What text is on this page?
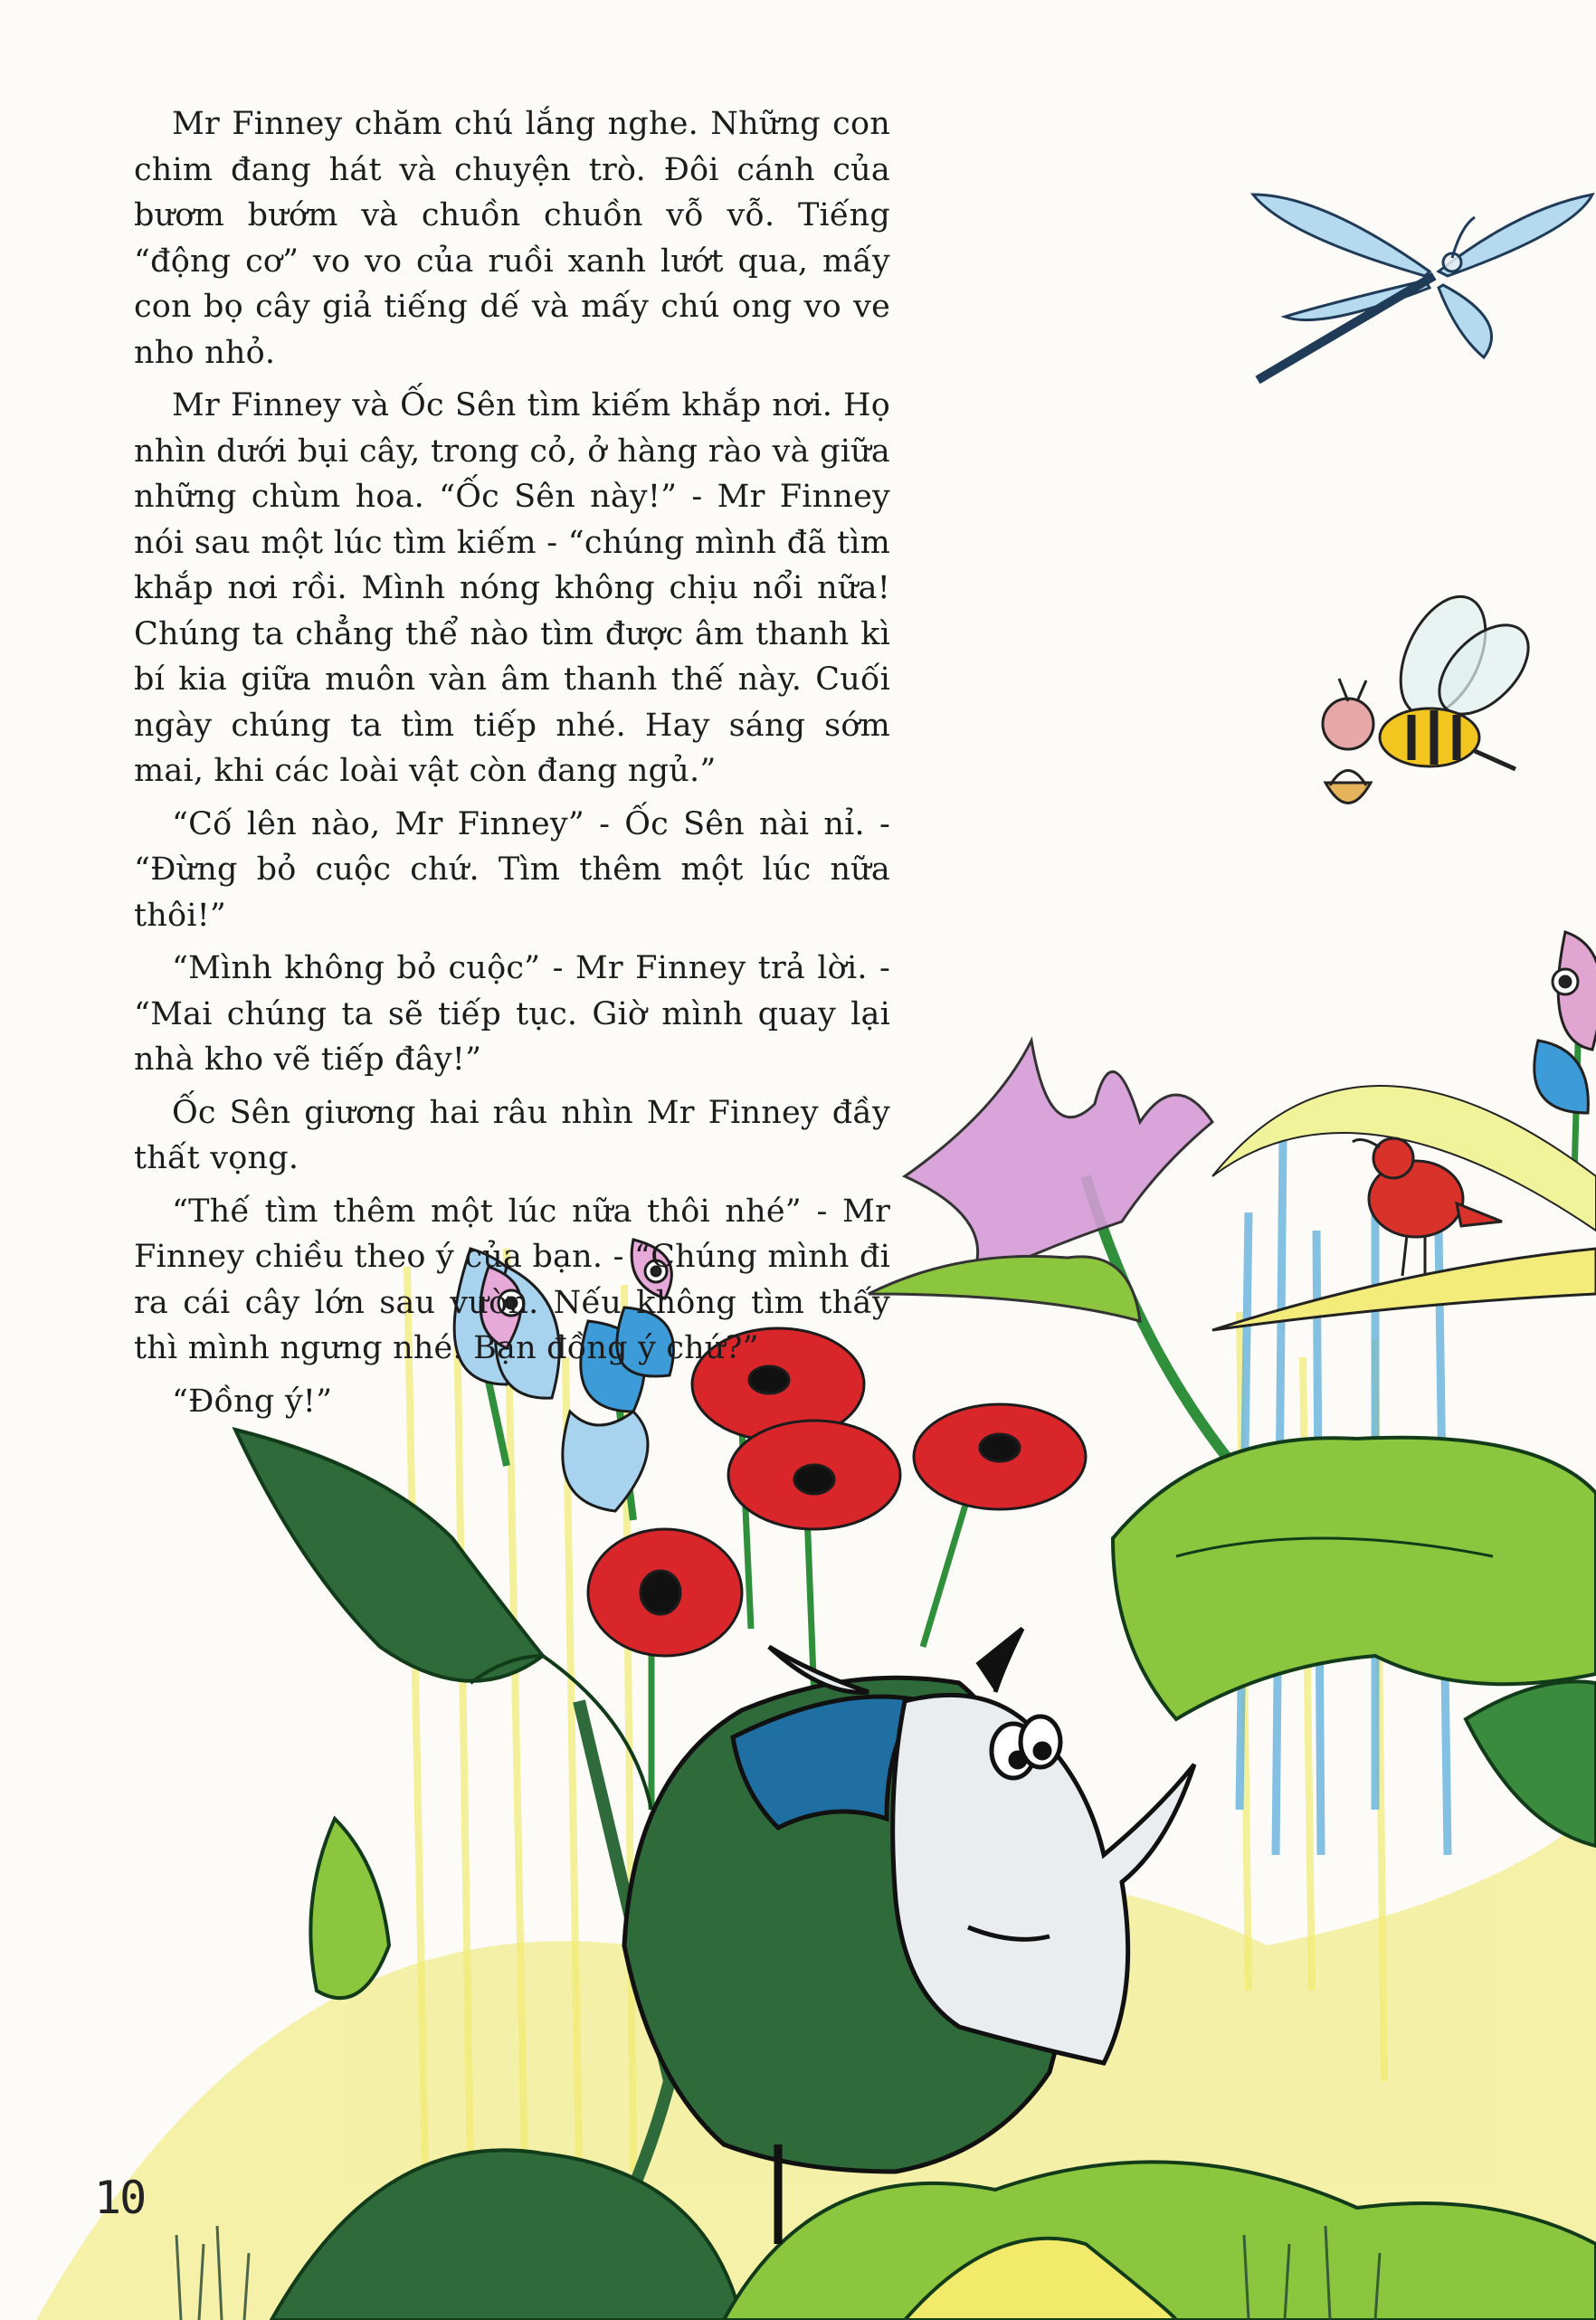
Mr Finney chăm chú lắng nghe. Những con chim đang hát và chuyện trò. Đôi cánh của bươm bướm và chuồn chuồn vỗ vỗ. Tiếng “động cơ” vo vo của ruồi xanh lướt qua, mấy con bọ cây giả tiếng dế và mấy chú ong vo ve nho nhỏ.

Mr Finney và Ốc Sên tìm kiếm khắp nơi. Họ nhìn dưới bụi cây, trong cỏ, ở hàng rào và giữa những chùm hoa. “Ốc Sên này!” - Mr Finney nói sau một lúc tìm kiếm - “chúng mình đã tìm khắp nơi rồi. Mình nóng không chịu nổi nữa! Chúng ta chẳng thể nào tìm được âm thanh kì bí kia giữa muôn vàn âm thanh thế này. Cuối ngày chúng ta tìm tiếp nhé. Hay sáng sớm mai, khi các loài vật còn đang ngủ.”

“Cố lên nào, Mr Finney” - Ốc Sên nài nỉ. - “Đừng bỏ cuộc chứ. Tìm thêm một lúc nữa thôi!”

“Mình không bỏ cuộc” - Mr Finney trả lời. - “Mai chúng ta sẽ tiếp tục. Giờ mình quay lại nhà kho vẽ tiếp đây!”

Ốc Sên giương hai râu nhìn Mr Finney đầy thất vọng.

“Thế tìm thêm một lúc nữa thôi nhé” - Mr Finney chiều theo ý của bạn. - “Chúng mình đi ra cái cây lớn sau vườn. Nếu không tìm thấy thì mình ngưng nhé. Bạn đồng ý chứ?”

“Đồng ý!”

10
